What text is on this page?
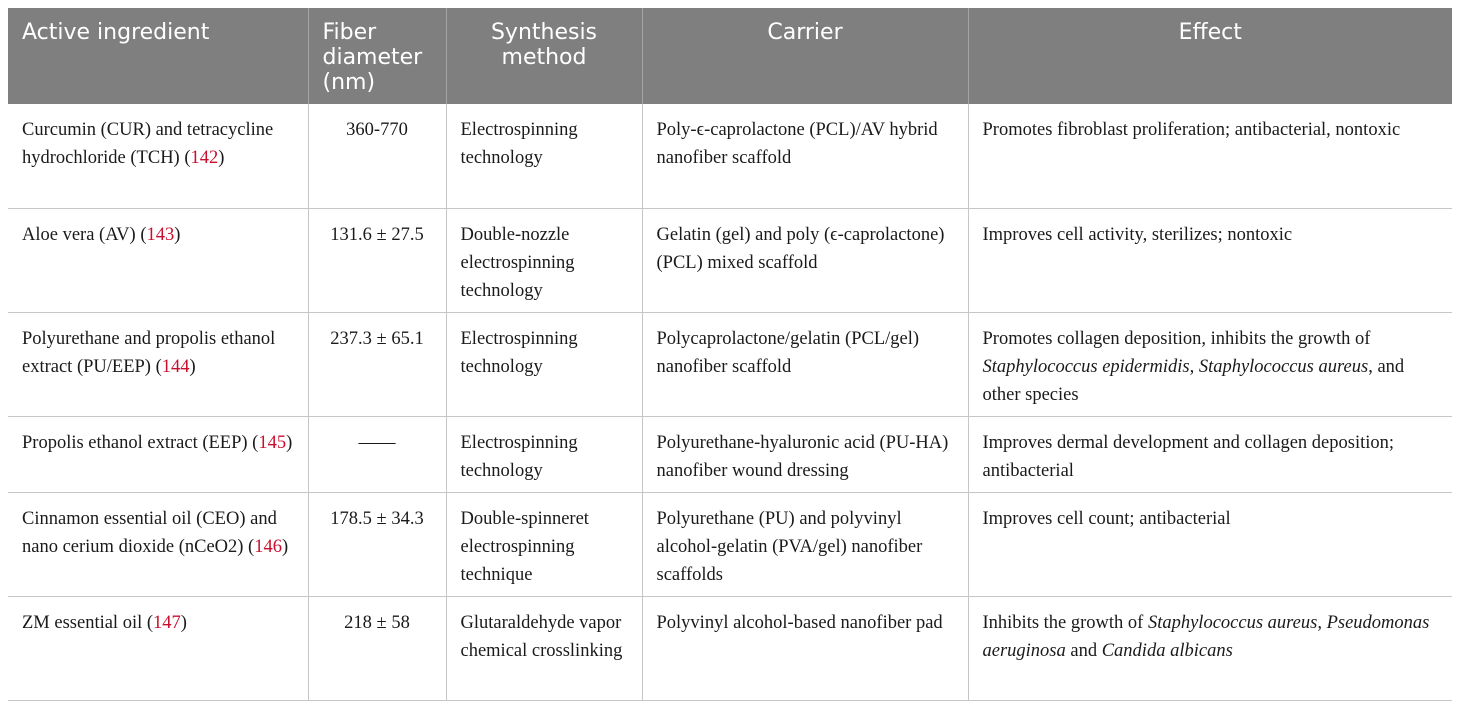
Active ingredient	Fiber diameter (nm)	Synthesis method	Carrier	Effect
Curcumin (CUR) and tetracycline hydrochloride (TCH) (142)	360-770	Electrospinning technology	Poly-ϵ-caprolactone (PCL)/AV hybrid nanofiber scaffold	Promotes fibroblast proliferation; antibacterial, nontoxic
Aloe vera (AV) (143)	131.6 ± 27.5	Double-nozzle electrospinning technology	Gelatin (gel) and poly (ϵ-caprolactone) (PCL) mixed scaffold	Improves cell activity, sterilizes; nontoxic
Polyurethane and propolis ethanol extract (PU/EEP) (144)	237.3 ± 65.1	Electrospinning technology	Polycaprolactone/gelatin (PCL/gel) nanofiber scaffold	Promotes collagen deposition, inhibits the growth of Staphylococcus epidermidis, Staphylococcus aureus, and other species
Propolis ethanol extract (EEP) (145)	——	Electrospinning technology	Polyurethane-hyaluronic acid (PU-HA) nanofiber wound dressing	Improves dermal development and collagen deposition; antibacterial
Cinnamon essential oil (CEO) and nano cerium dioxide (nCeO2) (146)	178.5 ± 34.3	Double-spinneret electrospinning technique	Polyurethane (PU) and polyvinyl alcohol-gelatin (PVA/gel) nanofiber scaffolds	Improves cell count; antibacterial
ZM essential oil (147)	218 ± 58	Glutaraldehyde vapor chemical crosslinking	Polyvinyl alcohol-based nanofiber pad	Inhibits the growth of Staphylococcus aureus, Pseudomonas aeruginosa and Candida albicans
